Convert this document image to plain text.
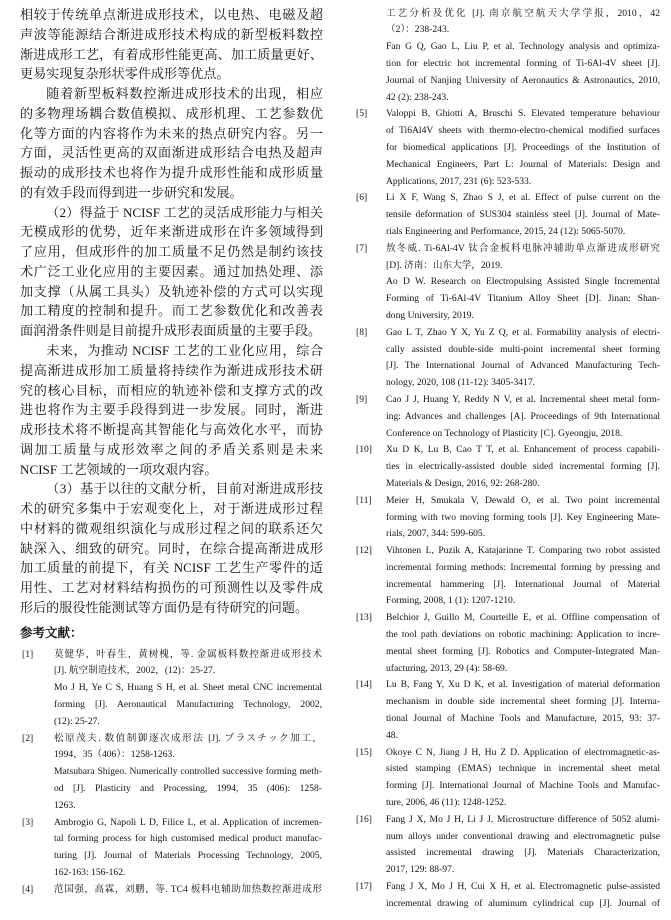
相较于传统单点渐进成形技术，以电热、电磁及超
声波等能源结合渐进成形技术构成的新型板料数控
渐进成形工艺，有着成形性能更高、加工质量更好、
更易实现复杂形状零件成形等优点。
随着新型板料数控渐进成形技术的出现，相应
的多物理场耦合数值模拟、成形机理、工艺参数优
化等方面的内容将作为未来的热点研究内容。另一
方面，灵活性更高的双面渐进成形结合电热及超声
振动的成形技术也将作为提升成形性能和成形质量
的有效手段而得到进一步研究和发展。
（2）得益于 NCISF 工艺的灵活成形能力与相关
无模成形的优势，近年来渐进成形在许多领域得到
了应用，但成形件的加工质量不足仍然是制约该技
术广泛工业化应用的主要因素。通过加热处理、添
加支撑（从属工具头）及轨迹补偿的方式可以实现
加工精度的控制和提升。而工艺参数优化和改善表
面润滑条件则是目前提升成形表面质量的主要手段。
未来，为推动 NCISF 工艺的工业化应用，综合
提高渐进成形加工质量将持续作为渐进成形技术研
究的核心目标，而相应的轨迹补偿和支撑方式的改
进也将作为主要手段得到进一步发展。同时，渐进
成形技术将不断提高其智能化与高效化水平，而协
调加工质量与成形效率之间的矛盾关系则是未来
NCISF 工艺领域的一项攻艰内容。
（3）基于以往的文献分析，目前对渐进成形技
术的研究多集中于宏观变化上，对于渐进成形过程
中材料的微观组织演化与成形过程之间的联系还欠
缺深入、细致的研究。同时，在综合提高渐进成形
加工质量的前提下，有关 NCISF 工艺生产零件的适
用性、工艺对材料结构损伤的可预测性以及零件成
形后的服役性能测试等方面仍是有待研究的问题。
参考文献：
[1]	莫健华，叶春生，黄树槐，等. 金属板料数控渐进成形技术
[J]. 航空制造技术，2002，(12)：25-27.
Mo J H, Ye C S, Huang S H, et al. Sheet metal CNC incremental
forming [J]. Aeronautical Manufacturing Technology, 2002,
(12): 25-27.
[2]	松原茂夫. 数值制御逐次成形法 [J]. プラスチック加工，
1994，35（406）：1258-1263.
Matsubara Shigeo. Numerically controlled successive forming meth-
od [J]. Plasticity and Processing, 1994, 35 (406): 1258-
1263.
[3]	Ambrogio G, Napoli L D, Filice L, et al. Application of incremen-
tal forming process for high customised medical product manufac-
turing [J]. Journal of Materials Processing Technology, 2005,
162-163: 156-162.
[4]	范国强，高霖，刘鹏，等. TC4 板料电辅助加热数控渐进成形
工艺分析及优化 [J]. 南京航空航天大学学报，2010，42
（2）：238-243.
Fan G Q, Gao L, Liu P, et al. Technology analysis and optimiza-
tion for electric hot incremental forming of Ti-6Al-4V sheet [J].
Journal of Nanjing University of Aeronautics & Astronautics, 2010,
42 (2): 238-243.
[5]	Valoppi B, Ghiotti A, Bruschi S. Elevated temperature behaviour
of Ti6Al4V sheets with thermo-electro-chemical modified surfaces
for biomedical applications [J]. Proceedings of the Institution of
Mechanical Engineers, Part L: Journal of Materials: Design and
Applications, 2017, 231 (6): 523-533.
[6]	Li X F, Wang S, Zhao S J, et al. Effect of pulse current on the
tensile deformation of SUS304 stainless steel [J]. Journal of Mate-
rials Engineering and Performance, 2015, 24 (12): 5065-5070.
[7]	敖冬威. Ti-6Al-4V 钛合金板料电脉冲辅助单点渐进成形研究
[D]. 济南：山东大学，2019.
Ao D W. Research on Electropulsing Assisted Single Incremental
Forming of Ti-6Al-4V Titanium Alloy Sheet [D]. Jinan: Shan-
dong University, 2019.
[8]	Gao L T, Zhao Y X, Yu Z Q, et al. Formability analysis of electri-
cally assisted double-side multi-point incremental sheet forming
[J]. The International Journal of Advanced Manufacturing Tech-
nology, 2020, 108 (11-12): 3405-3417.
[9]	Cao J J, Huang Y, Reddy N V, et al. Incremental sheet metal form-
ing: Advances and challenges [A]. Proceedings of 9th International
Conference on Technology of Plasticity [C]. Gyeongju, 2018.
[10]	Xu D K, Lu B, Cao T T, et al. Enhancement of process capabili-
ties in electrically-assisted double sided incremental forming [J].
Materials & Design, 2016, 92: 268-280.
[11]	Meier H, Smukala V, Dewald O, et al. Two point incremental
forming with two moving forming tools [J]. Key Engineering Mate-
rials, 2007, 344: 599-605.
[12]	Vihtonen L, Puzik A, Katajarinne T. Comparing two robot assisted
incremental forming methods: Incremental forming by pressing and
incremental hammering [J]. International Journal of Material
Forming, 2008, 1 (1): 1207-1210.
[13]	Belchior J, Guillo M, Courteille E, et al. Offline compensation of
the tool path deviations on robotic machining: Application to incre-
mental sheet forming [J]. Robotics and Computer-Integrated Man-
ufacturing, 2013, 29 (4): 58-69.
[14]	Lu B, Fang Y, Xu D K, et al. Investigation of material deformation
mechanism in double side incremental sheet forming [J]. Interna-
tional Journal of Machine Tools and Manufacture, 2015, 93: 37-
48.
[15]	Okoye C N, Jiang J H, Hu Z D. Application of electromagnetic-as-
sisted stamping (EMAS) technique in incremental sheet metal
forming [J]. International Journal of Machine Tools and Manufac-
ture, 2006, 46 (11): 1248-1252.
[16]	Fang J X, Mo J H, Li J J. Microstructure difference of 5052 alumi-
num alloys under conventional drawing and electromagnetic pulse
assisted incremental drawing [J]. Materials Characterization,
2017, 129: 88-97.
[17]	Fang J X, Mo J H, Cui X H, et al. Electromagnetic pulse-assisted
incremental drawing of aluminum cylindrical cup [J]. Journal of
